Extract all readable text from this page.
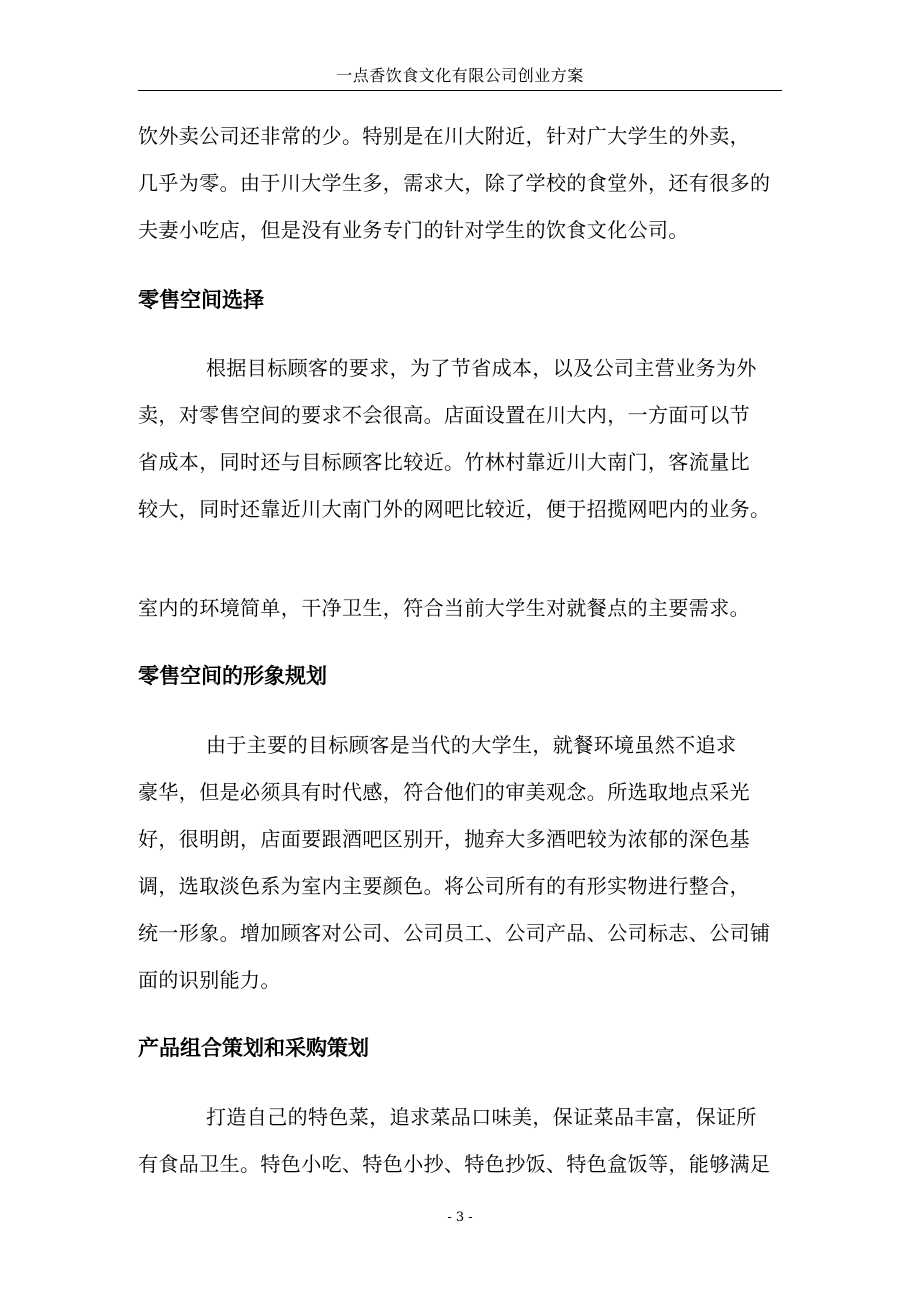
一点香饮食文化有限公司创业方案
饮外卖公司还非常的少。特别是在川大附近，针对广大学生的外卖，
几乎为零。由于川大学生多，需求大，除了学校的食堂外，还有很多的
夫妻小吃店，但是没有业务专门的针对学生的饮食文化公司。
零售空间选择
根据目标顾客的要求，为了节省成本，以及公司主营业务为外
卖，对零售空间的要求不会很高。店面设置在川大内，一方面可以节
省成本，同时还与目标顾客比较近。竹林村靠近川大南门，客流量比
较大，同时还靠近川大南门外的网吧比较近，便于招揽网吧内的业务。
室内的环境简单，干净卫生，符合当前大学生对就餐点的主要需求。
零售空间的形象规划
由于主要的目标顾客是当代的大学生，就餐环境虽然不追求
豪华，但是必须具有时代感，符合他们的审美观念。所选取地点采光
好，很明朗，店面要跟酒吧区别开，抛弃大多酒吧较为浓郁的深色基
调，选取淡色系为室内主要颜色。将公司所有的有形实物进行整合，
统一形象。增加顾客对公司、公司员工、公司产品、公司标志、公司铺
面的识别能力。
产品组合策划和采购策划
打造自己的特色菜，追求菜品口味美，保证菜品丰富，保证所
有食品卫生。特色小吃、特色小抄、特色抄饭、特色盒饭等，能够满足
- 3 -
